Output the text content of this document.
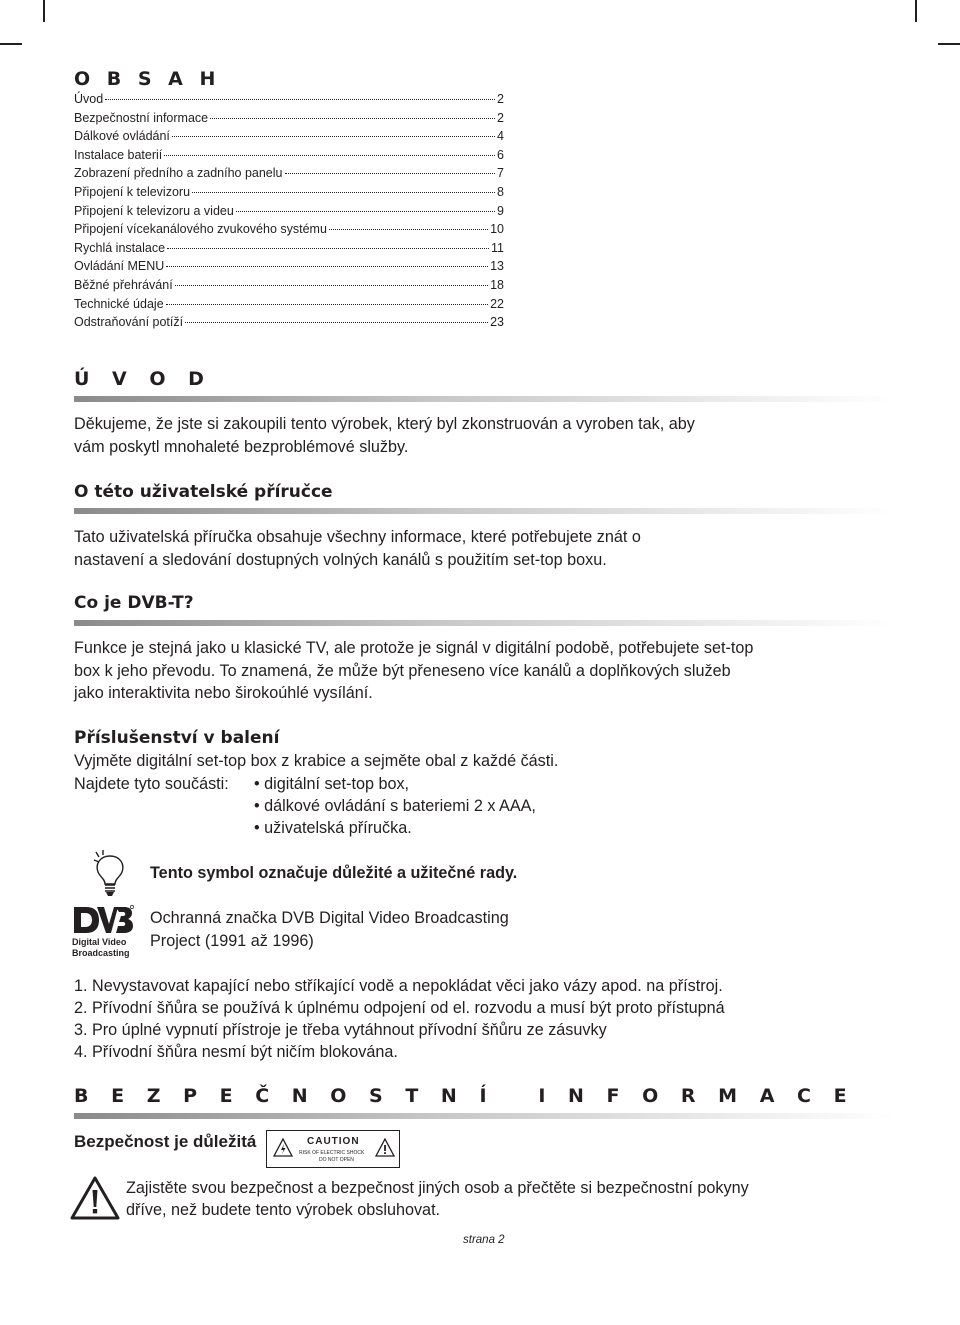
O B S A H
Úvod	2
Bezpečnostní informace	2
Dálkové ovládání	4
Instalace baterií	6
Zobrazení předního a zadního panelu	7
Připojení k televizoru	8
Připojení k televizoru a videu	9
Připojení vícekanálového zvukového systému	10
Rychlá instalace	11
Ovládání MENU	13
Běžné přehrávání	18
Technické údaje	22
Odstraňování potíží	23
Ú V O D
Děkujeme, že jste si zakoupili tento výrobek, který byl zkonstruován a vyroben tak, aby vám poskytl mnohaleté bezproblémové služby.
O této uživatelské příručce
Tato uživatelská příručka obsahuje všechny informace, které potřebujete znát o nastavení a sledování dostupných volných kanálů s použitím set-top boxu.
Co je DVB-T?
Funkce je stejná jako u klasické TV, ale protože je signál v digitální podobě, potřebujete set-top box k jeho převodu. To znamená, že může být přeneseno více kanálů a doplňkových služeb jako interaktivita nebo širokoúhlé vysílání.
Příslušenství v balení
Vyjměte digitální set-top box z krabice a sejměte obal z každé části.
Najdete tyto součásti: • digitální set-top box,
• dálkové ovládání s bateriemi 2 x AAA,
• uživatelská příručka.
Tento symbol označuje důležité a užitečné rady.
Digital Video
Broadcasting
Ochranná značka DVB Digital Video Broadcasting
Project (1991 až 1996)
1. Nevystavovat kapající nebo stříkající vodě a nepokládat věci jako vázy apod. na přístroj.
2. Přívodní šňůra se používá k úplnému odpojení od el. rozvodu a musí být proto přístupná
3. Pro úplné vypnutí přístroje je třeba vytáhnout přívodní šňůru ze zásuvky
4. Přívodní šňůra nesmí být ničím blokována.
B E Z P E Č N O S T N Í   I N F O R M A C E
Bezpečnost je důležitá	CAUTION
RISK OF ELECTRIC SHOCK
DO NOT OPEN
Zajistěte svou bezpečnost a bezpečnost jiných osob a přečtěte si bezpečnostní pokyny
dříve, než budete tento výrobek obsluhovat.
strana 2
